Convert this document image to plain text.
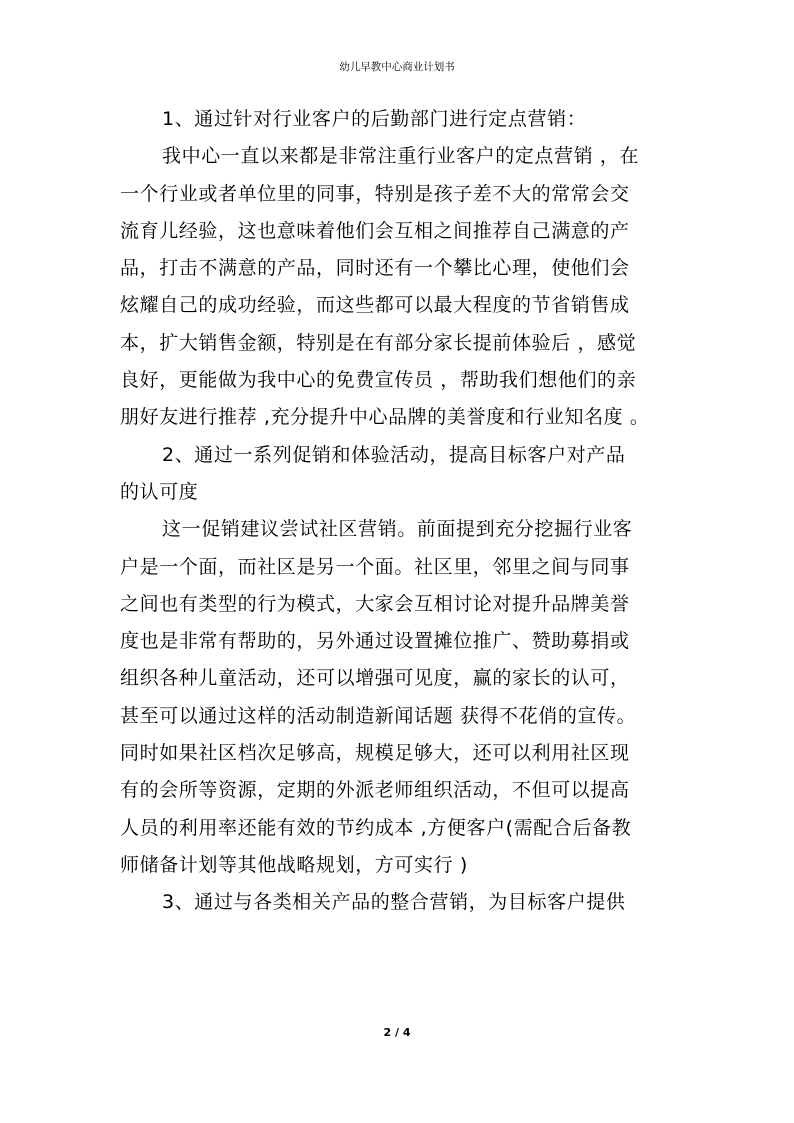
幼儿早教中心商业计划书

1、通过针对行业客户的后勤部门进行定点营销：

我中心一直以来都是非常注重行业客户的定点营销 ，在

一个行业或者单位里的同事，特别是孩子差不大的常常会交

流育儿经验，这也意味着他们会互相之间推荐自己满意的产

品，打击不满意的产品，同时还有一个攀比心理，使他们会

炫耀自己的成功经验，而这些都可以最大程度的节省销售成

本，扩大销售金额，特别是在有部分家长提前体验后 ，感觉

良好，更能做为我中心的免费宣传员 ，帮助我们想他们的亲

朋好友进行推荐 ,充分提升中心品牌的美誉度和行业知名度 。

2、通过一系列促销和体验活动，提高目标客户对产品

的认可度

这一促销建议尝试社区营销。前面提到充分挖掘行业客

户是一个面，而社区是另一个面。社区里，邻里之间与同事

之间也有类型的行为模式，大家会互相讨论对提升品牌美誉

度也是非常有帮助的，另外通过设置摊位推广、赞助募捐或

组织各种儿童活动，还可以增强可见度，赢的家长的认可，

甚至可以通过这样的活动制造新闻话题 获得不花俏的宣传。

同时如果社区档次足够高，规模足够大，还可以利用社区现

有的会所等资源，定期的外派老师组织活动，不但可以提高

人员的利用率还能有效的节约成本 ,方便客户(需配合后备教

师储备计划等其他战略规划，方可实行 )

3、通过与各类相关产品的整合营销，为目标客户提供

2 / 4
